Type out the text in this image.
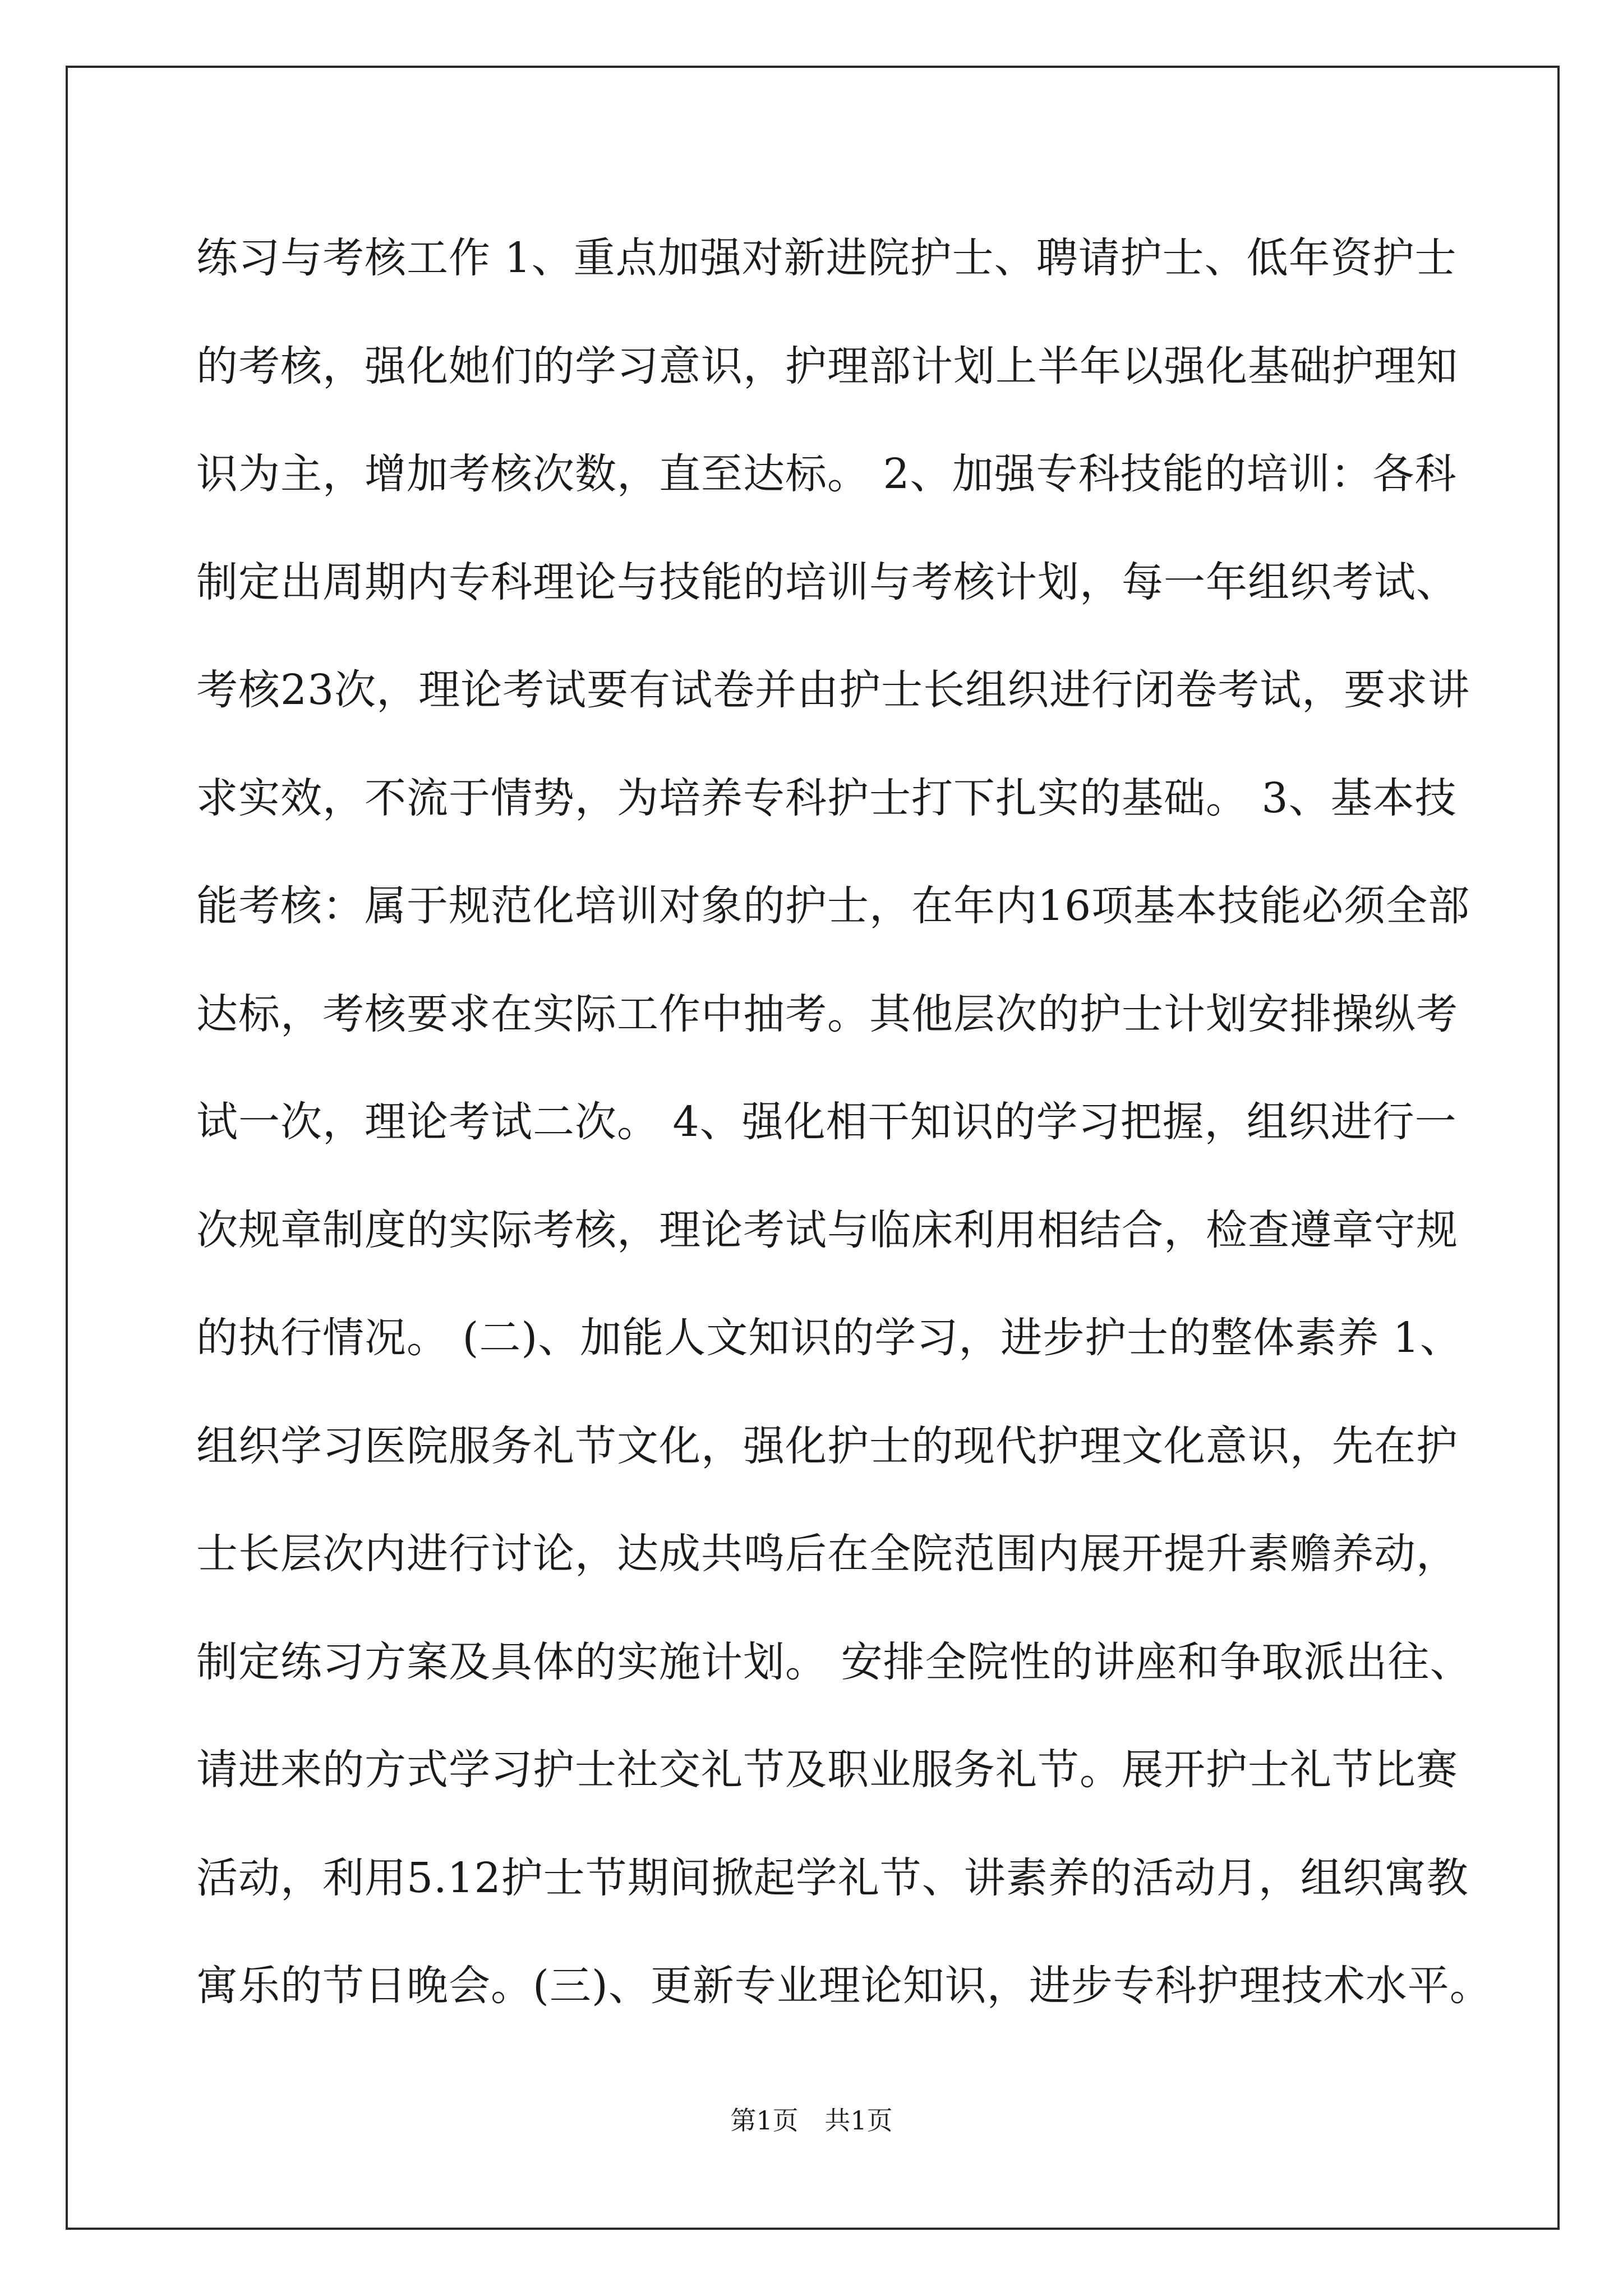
练习与考核工作 1、重点加强对新进院护士、聘请护士、低年资护士
的考核，强化她们的学习意识，护理部计划上半年以强化基础护理知
识为主，增加考核次数，直至达标。 2、加强专科技能的培训：各科
制定出周期内专科理论与技能的培训与考核计划，每一年组织考试、
考核23次，理论考试要有试卷并由护士长组织进行闭卷考试，要求讲
求实效，不流于情势，为培养专科护士打下扎实的基础。 3、基本技
能考核：属于规范化培训对象的护士，在年内16项基本技能必须全部
达标，考核要求在实际工作中抽考。其他层次的护士计划安排操纵考
试一次，理论考试二次。 4、强化相干知识的学习把握，组织进行一
次规章制度的实际考核，理论考试与临床利用相结合，检查遵章守规
的执行情况。 (二)、加能人文知识的学习，进步护士的整体素养 1、
组织学习医院服务礼节文化，强化护士的现代护理文化意识，先在护
士长层次内进行讨论，达成共鸣后在全院范围内展开提升素赡养动，
制定练习方案及具体的实施计划。 安排全院性的讲座和争取派出往、
请进来的方式学习护士社交礼节及职业服务礼节。展开护士礼节比赛
活动，利用5.12护士节期间掀起学礼节、讲素养的活动月，组织寓教
寓乐的节日晚会。(三)、更新专业理论知识，进步专科护理技术水平。
第1页 共1页
